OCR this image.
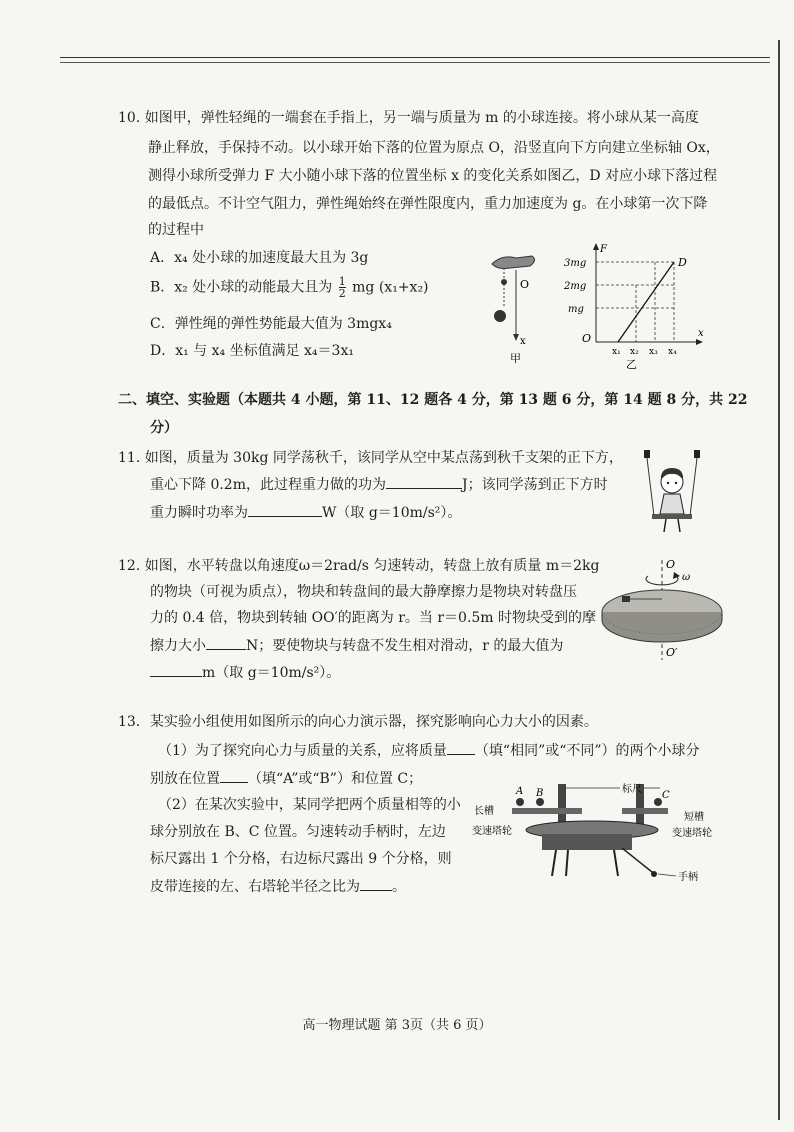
10. 如图甲，弹性轻绳的一端套在手指上，另一端与质量为 m 的小球连接。将小球从某一高度
静止释放，手保持不动。以小球开始下落的位置为原点 O，沿竖直向下方向建立坐标轴 Ox，
测得小球所受弹力 F 大小随小球下落的位置坐标 x 的变化关系如图乙，D 对应小球下落过程
的最低点。不计空气阻力，弹性绳始终在弹性限度内，重力加速度为 g。在小球第一次下降
的过程中
A．x₄ 处小球的加速度最大且为 3g
B．x₂ 处小球的动能最大且为 $\frac{1}{2}$ mg (x₁+x₂)
C．弹性绳的弹性势能最大值为 3mgx₄
D．x₁ 与 x₄ 坐标值满足 x₄＝3x₁
O
x
甲
D
F
x
O
3mg
2mg
mg
x₁ x₂ x₃ x₄
乙
二、填空、实验题（本题共 4 小题，第 11、12 题各 4 分，第 13 题 6 分，第 14 题 8 分，共 22
分）
11. 如图，质量为 30kg 同学荡秋千，该同学从空中某点荡到秋千支架的正下方，
重心下降 0.2m，此过程重力做的功为	J；该同学荡到正下方时
重力瞬时功率为	W（取 g＝10m/s²）。
12. 如图，水平转盘以角速度ω＝2rad/s 匀速转动，转盘上放有质量 m＝2kg
的物块（可视为质点），物块和转盘间的最大静摩擦力是物块对转盘压
力的 0.4 倍，物块到转轴 OO′的距离为 r。当 r＝0.5m 时物块受到的摩
擦力大小	N；要使物块与转盘不发生相对滑动，r 的最大值为
m（取 g＝10m/s²）。
O
ω
O′
13．某实验小组使用如图所示的向心力演示器，探究影响向心力大小的因素。
（1）为了探究向心力与质量的关系，应将质量 （填“相同”或“不同”）的两个小球分
别放在位置 （填“A”或“B”）和位置 C；
（2）在某次实验中，某同学把两个质量相等的小
球分别放在 B、C 位置。匀速转动手柄时，左边
标尺露出 1 个分格，右边标尺露出 9 个分格，则
皮带连接的左、右塔轮半径之比为 。
A B	C
标尺
长槽
短槽
变速塔轮	变速塔轮
手柄
高一物理试题 第 3页（共 6 页）
